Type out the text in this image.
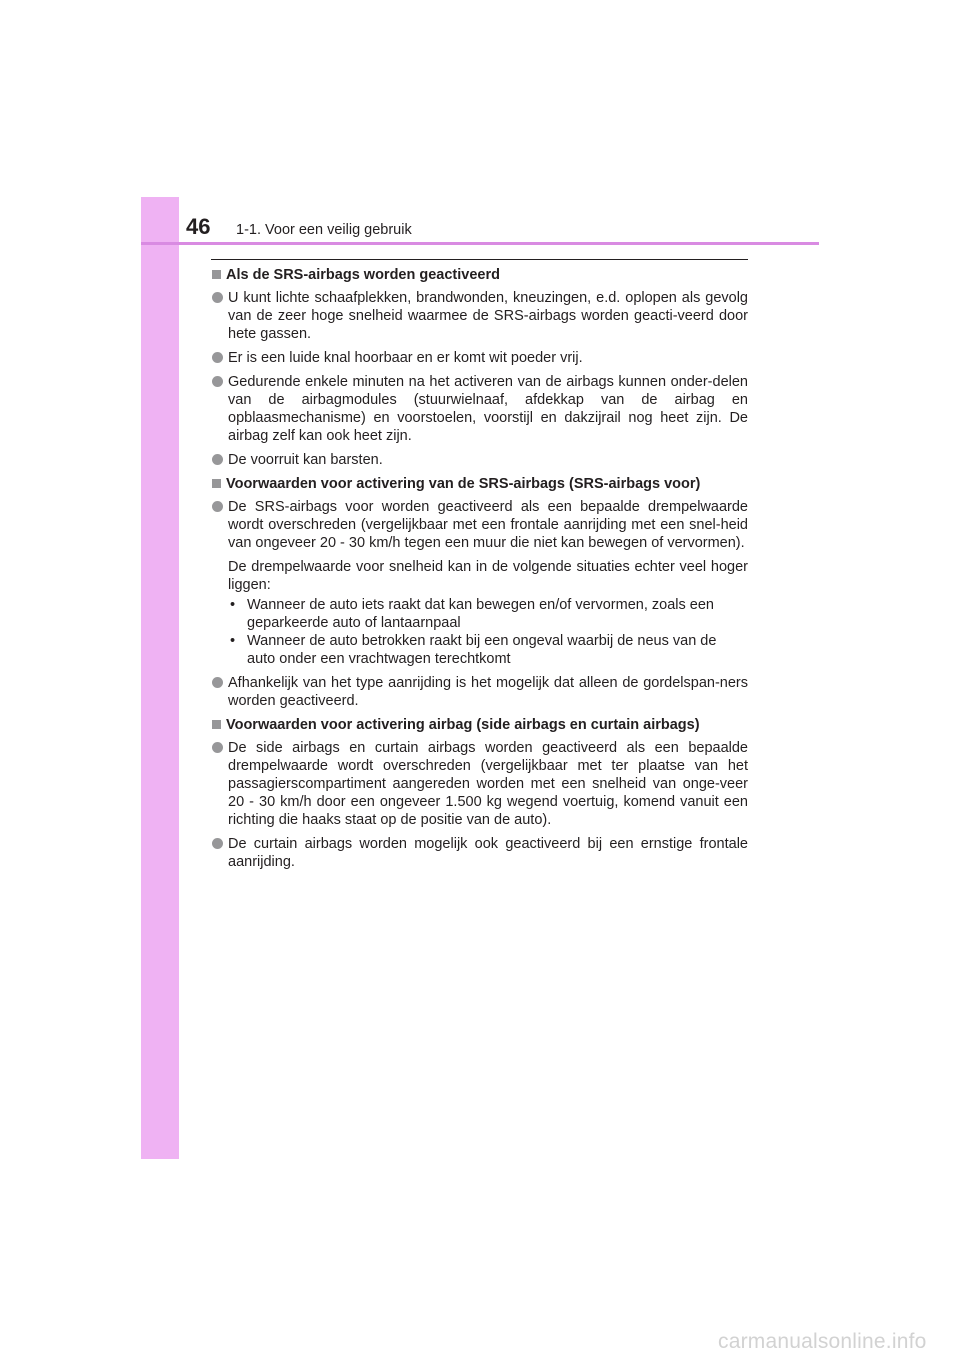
46 1-1. Voor een veilig gebruik
Als de SRS-airbags worden geactiveerd

U kunt lichte schaafplekken, brandwonden, kneuzingen, e.d. oplopen als gevolg van de zeer hoge snelheid waarmee de SRS-airbags worden geacti-veerd door hete gassen.

Er is een luide knal hoorbaar en er komt wit poeder vrij.

Gedurende enkele minuten na het activeren van de airbags kunnen onder-delen van de airbagmodules (stuurwielnaaf, afdekkap van de airbag en opblaasmechanisme) en voorstoelen, voorstijl en dakzijrail nog heet zijn. De airbag zelf kan ook heet zijn.

De voorruit kan barsten.

Voorwaarden voor activering van de SRS-airbags (SRS-airbags voor)

De SRS-airbags voor worden geactiveerd als een bepaalde drempelwaarde wordt overschreden (vergelijkbaar met een frontale aanrijding met een snel-heid van ongeveer 20 - 30 km/h tegen een muur die niet kan bewegen of vervormen).

De drempelwaarde voor snelheid kan in de volgende situaties echter veel hoger liggen:

• Wanneer de auto iets raakt dat kan bewegen en/of vervormen, zoals een geparkeerde auto of lantaarnpaal
• Wanneer de auto betrokken raakt bij een ongeval waarbij de neus van de auto onder een vrachtwagen terechtkomt

Afhankelijk van het type aanrijding is het mogelijk dat alleen de gordelspan-ners worden geactiveerd.

Voorwaarden voor activering airbag (side airbags en curtain airbags)

De side airbags en curtain airbags worden geactiveerd als een bepaalde drempelwaarde wordt overschreden (vergelijkbaar met ter plaatse van het passagierscompartiment aangereden worden met een snelheid van onge-veer 20 - 30 km/h door een ongeveer 1.500 kg wegend voertuig, komend vanuit een richting die haaks staat op de positie van de auto).

De curtain airbags worden mogelijk ook geactiveerd bij een ernstige frontale aanrijding.

carmanualsonline.info
